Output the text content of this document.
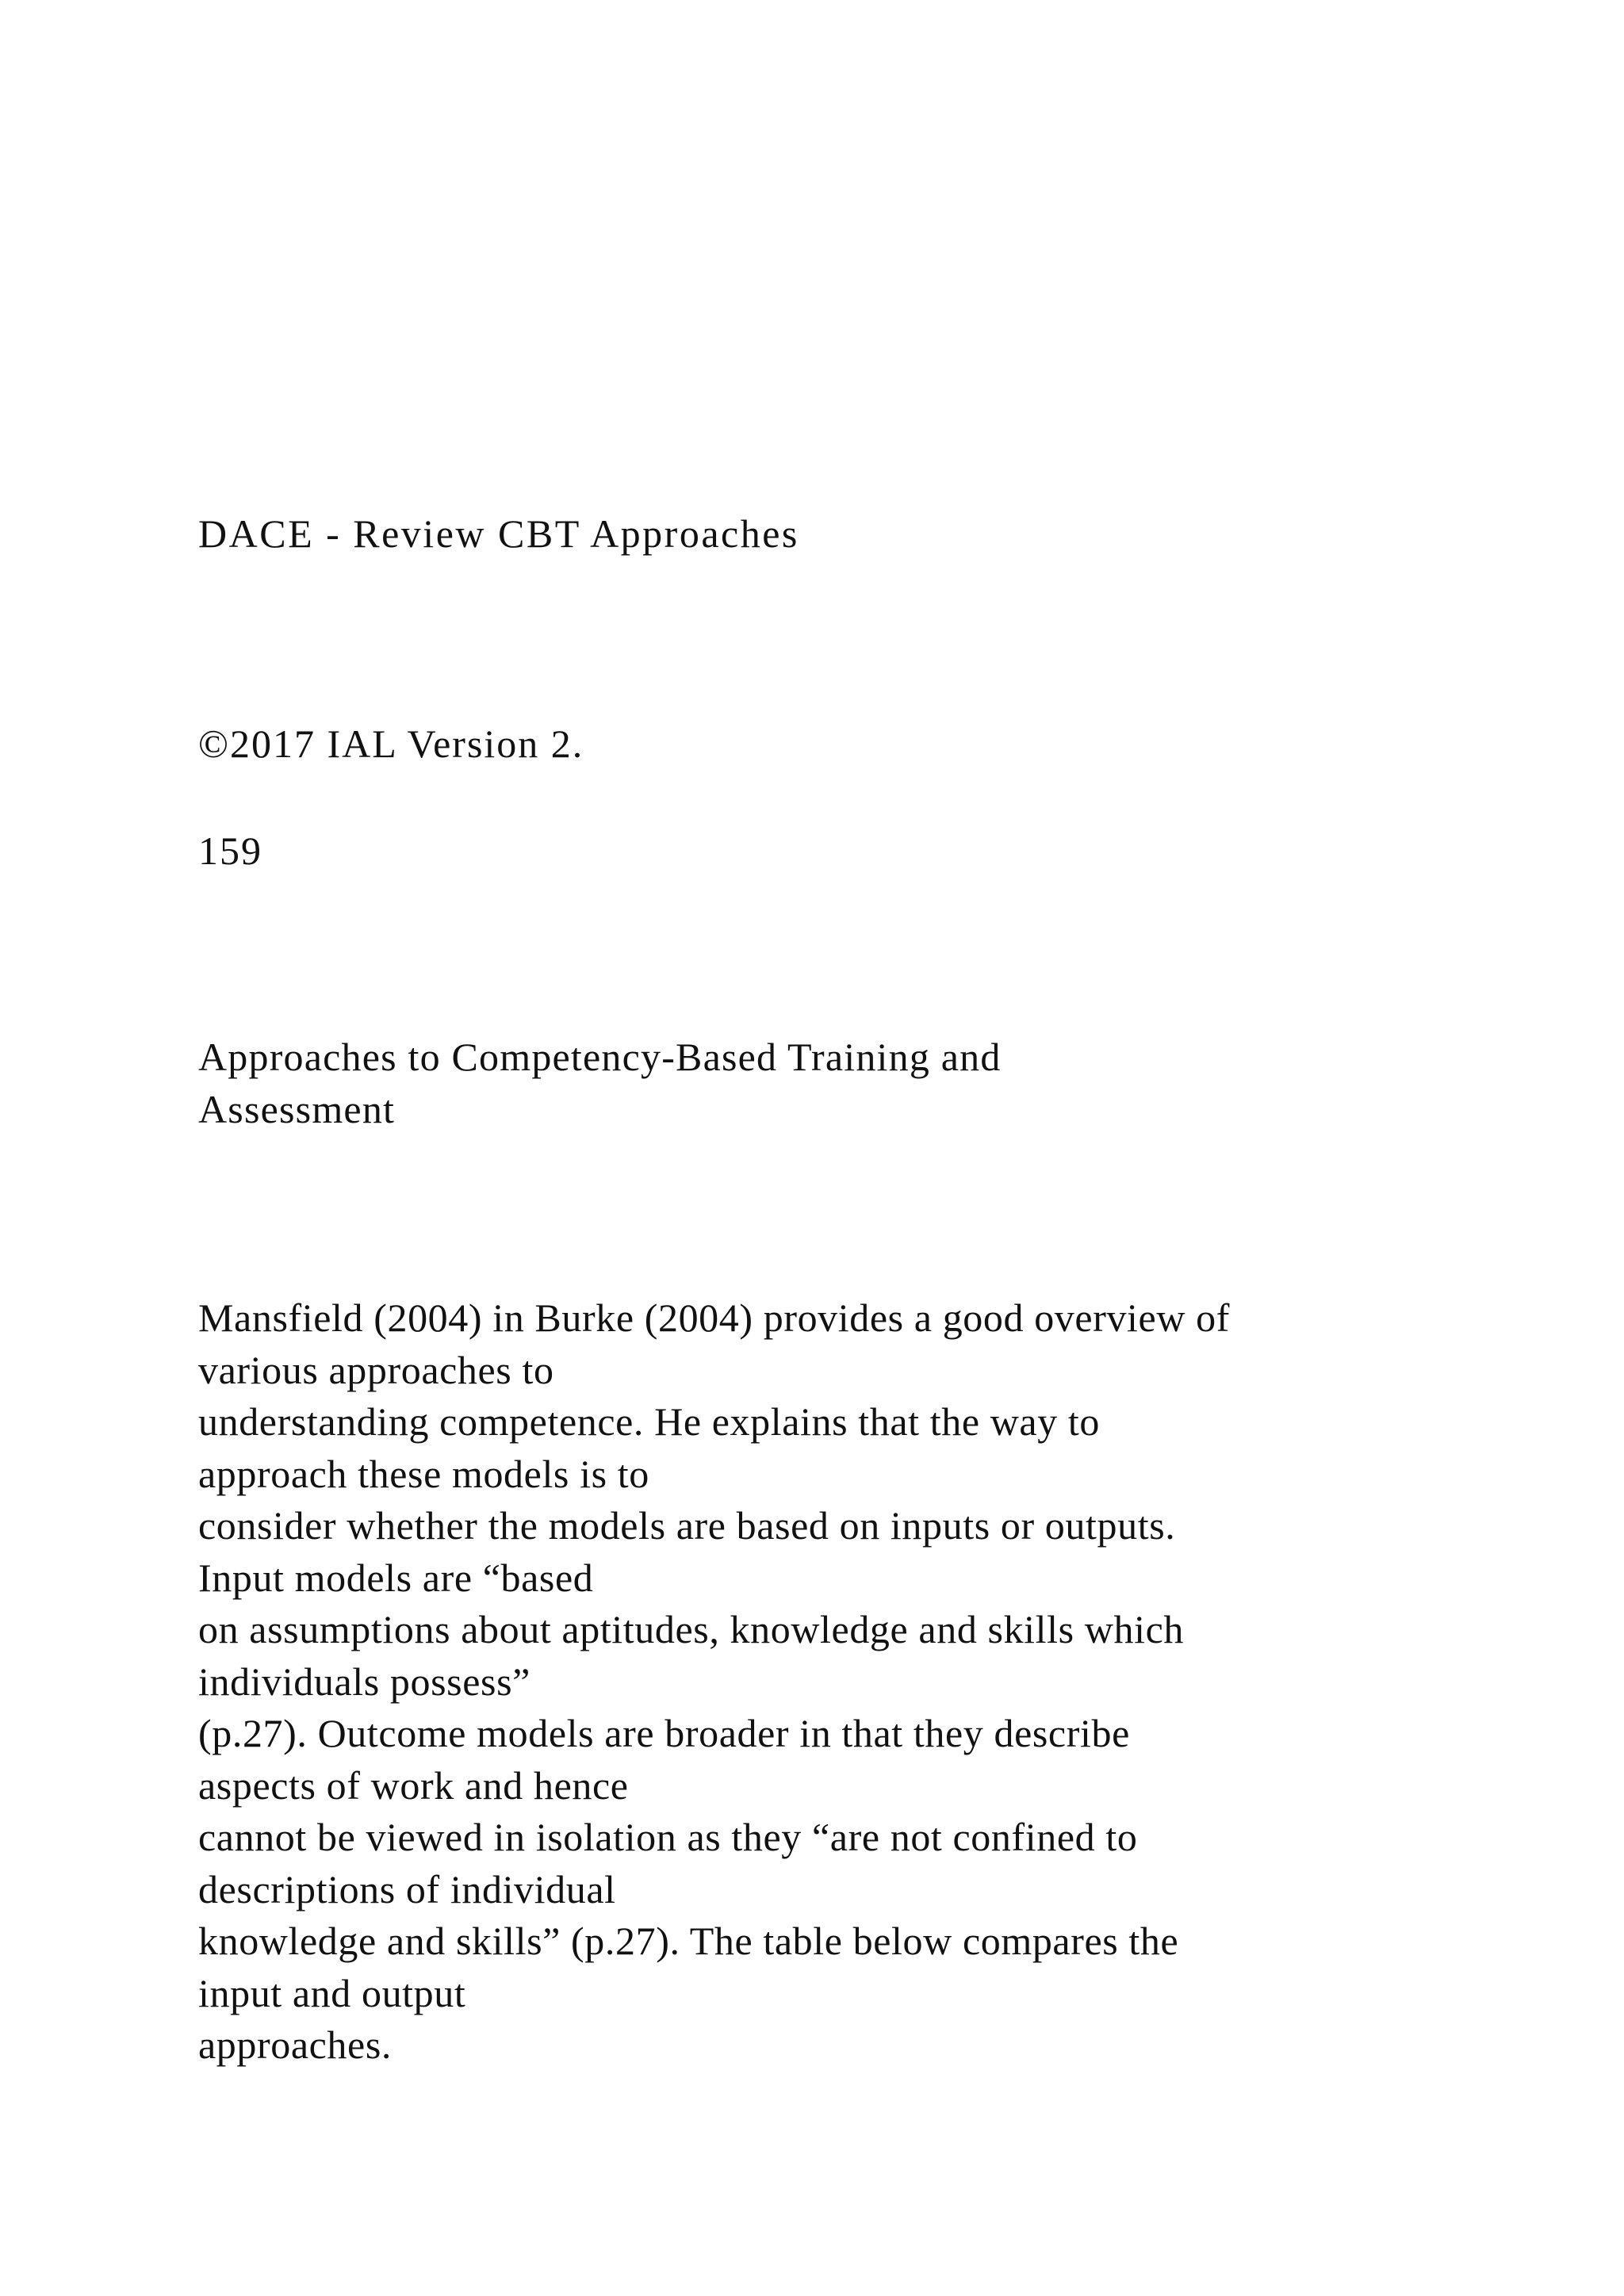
DACE - Review CBT Approaches

©2017 IAL Version 2.

159

Approaches to Competency-Based Training and
Assessment
Mansfield (2004) in Burke (2004) provides a good overview of
various approaches to
understanding competence. He explains that the way to
approach these models is to
consider whether the models are based on inputs or outputs.
Input models are “based
on assumptions about aptitudes, knowledge and skills which
individuals possess”
(p.27). Outcome models are broader in that they describe
aspects of work and hence
cannot be viewed in isolation as they “are not confined to
descriptions of individual
knowledge and skills” (p.27). The table below compares the
input and output
approaches.
